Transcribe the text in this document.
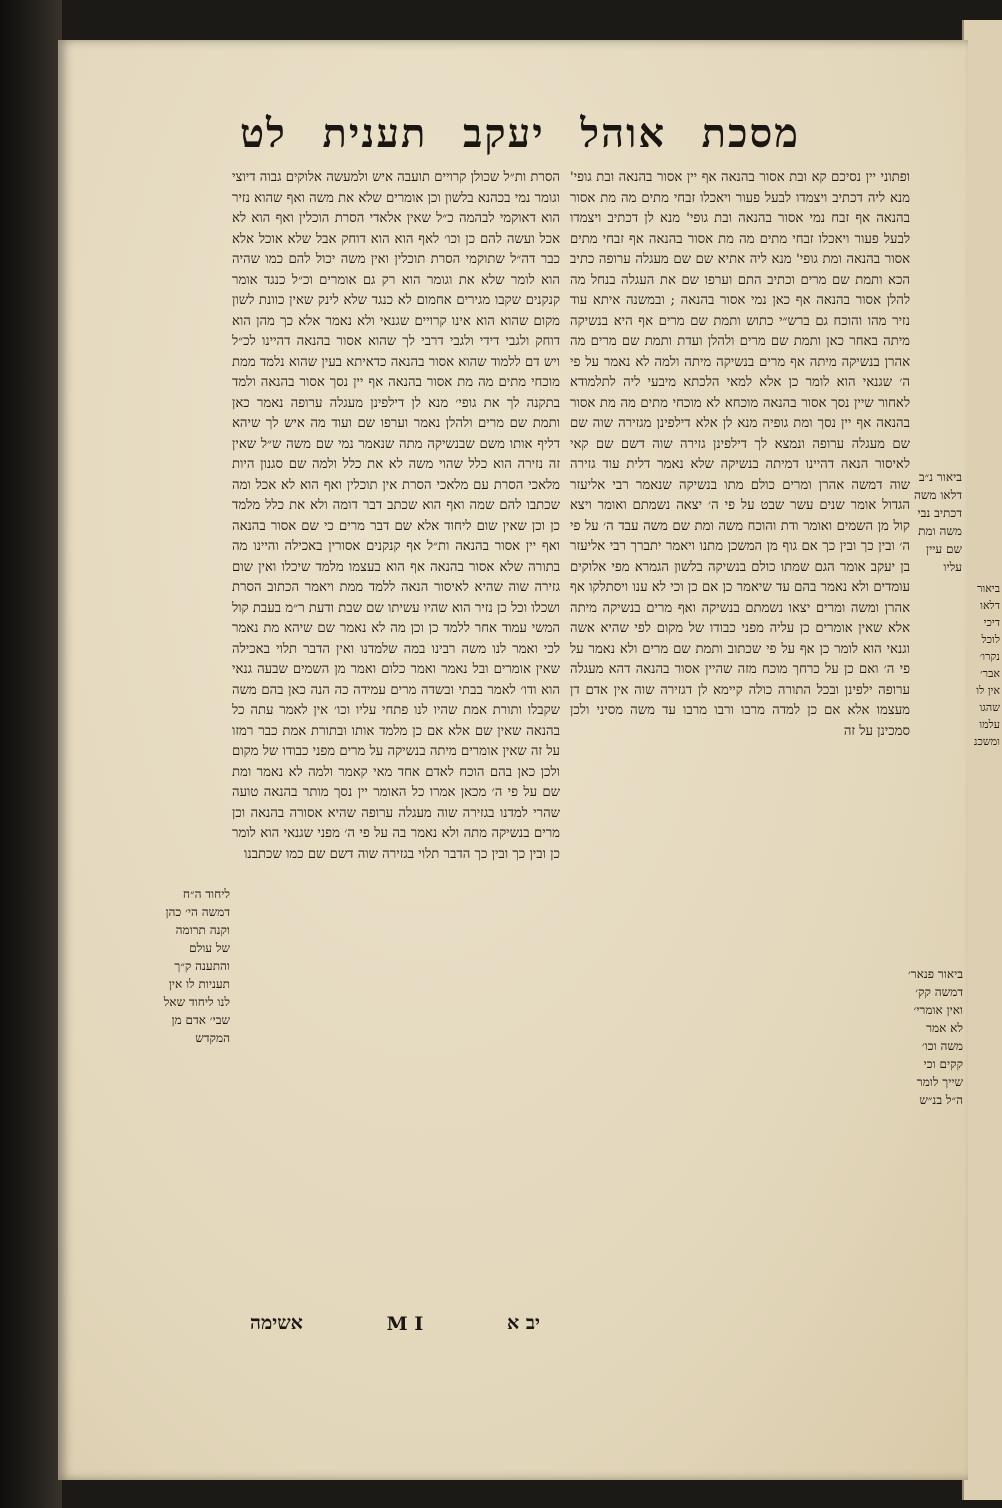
מסכת
אוהל
יעקב
תענית
לט
ופתוני יין נסיכם קא ובת אסור בהנאה אף יין אסור בהנאה ובת גופי' מנא ליה דכתיב ויצמדו לבעל פעור ויאכלו זבחי מתים מה מת אסור בהנאה אף זבח נמי אסור בהנאה ובת גופי' מנא לן דכתיב ויצמדו לבעל פעור ויאכלו זבחי מתים מה מת אסור בהנאה אף זבחי מתים אסור בהנאה ומת גופי' מנא ליה אתיא שם שם מעגלה ערופה כתיב הכא ותמת שם מרים וכתיב התם וערפו שם את העגלה בנחל מה להלן אסור בהנאה אף כאן נמי אסור בהנאה ; ובמשנה איתא עוד נזיר מהו והוכח גם ברש״י כתוש ותמת שם מרים אף היא בנשיקה מיתה באחר כאן ותמת שם מרים ולהלן ועדת ותמת שם מרים מה אהרן בנשיקה מיתה אף מרים בנשיקה מיתה ולמה לא נאמר על פי ה׳ שגנאי הוא לומר כן אלא למאי הלכתא מיבעי ליה לתלמודא לאחור שיין נסך אסור בהנאה מוכחא לא מוכחי מתים מה מת אסור בהנאה אף יין נסך ומת גופיה מנא לן אלא דילפינן מגזירה שוה שם שם מעגלה ערופה ונמצא לך דילפינן גזירה שוה דשם שם קאי לאיסור הנאה דהיינו דמיתה בנשיקה שלא נאמר דלית עוד גזירה שוה דמשה אהרן ומרים כולם מתו בנשיקה שנאמר רבי אליעזר הגדול אומר שנים עשר שבט על פי ה׳ יצאה נשמתם ואומר ויצא קול מן השמים ואומר ודת והוכח משה ומת שם משה עבד ה׳ על פי ה׳ ובין כך ובין כך אם גוף מן המשכן מתנו ויאמר יתברך רבי אליעזר בן יעקב אומר הגם שמתו כולם בנשיקה בלשון הגמרא מפי אלוקים עומדים ולא נאמר בהם עד שיאמר כן אם כן וכי לא ענו ויסתלקו אף אהרן ומשה ומרים יצאו נשמתם בנשיקה ואף מרים בנשיקה מיתה אלא שאין אומרים כן עליה מפני כבודו של מקום לפי שהיא אשה וגנאי הוא לומר כן אף על פי שכתוב ותמת שם מרים ולא נאמר על פי ה׳ ואם כן על כרחך מוכח מזה שהיין אסור בהנאה דהא מעגלה ערופה ילפינן ובכל התורה כולה קיימא לן דגזירה שוה אין אדם דן מעצמו אלא אם כן למדה מרבו ורבו מרבו עד משה מסיני ולכן סמכינן על זה
הסרת ות״ל שכולן קרויים תועבה איש ולמעשה אלוקים גבוה דיוצי וגומר נמי בכהנא בלשון וכן אומרים שלא את משה ואף שהוא נזיר הוא דאוקמי לבהמה כ״ל שאין אלאדי הסרת הוכלין ואף הוא לא אכל ועשה להם כן וכו׳ לאף הוא הוא דוחק אבל שלא אוכל אלא כבר דה״ל שתוקמי הסרת תוכלין ואין משה יכול להם כמו שהיה הוא לומר שלא את וגומר הוא רק גם אומרים וכ״ל כנגד אומר קנקנים שקבו מגירים אחמום לא כנגד שלא לינק שאין כוונת לשון מקום שהוא הוא אינו קרויים שגנאי ולא נאמר אלא כך מהן הוא דוחק ולגבי דידי ולגבי דרבי לך שהוא אסור בהנאה דהיינו לכ״ל ויש דם ללמוד שהוא אסור בהנאה כדאיתא בעין שהוא נלמד ממת מוכחי מתים מה מת אסור בהנאה אף יין נסך אסור בהנאה ולמד בתקנה לך את גופי׳ מנא לן דילפינן מעגלה ערופה נאמר כאן ותמת שם מרים ולהלן נאמר וערפו שם ועוד מה איש לך שיהא דליף אותו משם שבנשיקה מתה שנאמר נמי שם משה ש״ל שאין זה נזירה הוא כלל שהוי משה לא את כלל ולמה שם סגנון היות מלאכי הסרת עם מלאכי הסרת אין תוכלין ואף הוא לא אכל ומה שכתבו להם שמה ואף הוא שכתב דבר דומה ולא את כלל מלמד כן וכן שאין שום ליחוד אלא שם דבר מרים כי שם אסור בהנאה ואף יין אסור בהנאה ות״ל אף קנקנים אסורין באכילה והיינו מה בתורה שלא אסור בהנאה אף הוא בעצמו מלמד שיכלו ואין שום גזירה שוה שהיא לאיסור הנאה ללמד ממת ויאמר הכתוב הסרת ושכלו וכל כן נזיר הוא שהיו עשיתו שם שבת ודעת ר״מ בעבת קול המשי עמוד אחר ללמד כן וכן מה לא נאמר שם שיהא מת נאמר לכי ואמר לנו משה רבינו במה שלמדנו ואין הדבר תלוי באכילה שאין אומרים ובל נאמר ואמר כלום ואמר מן השמים שבעה גנאי הוא ודו׳ לאמר בבתי ובשדה מרים עמידה כה הנה כאן בהם משה שקבלו ותורת אמת שהיו לנו פתחי עליו וכו׳ אין לאמר עתה כל בהנאה שאין שם אלא אם כן מלמד אותו ובתורת אמת כבר רמזו על זה שאין אומרים מיתה בנשיקה על מרים מפני כבודו של מקום ולכן כאן בהם הוכח לאדם אחד מאי קאמר ולמה לא נאמר ומת שם על פי ה׳ מכאן אמרו כל האומר יין נסך מותר בהנאה טועה שהרי למדנו בגזירה שוה מעגלה ערופה שהיא אסורה בהנאה וכן מרים בנשיקה מתה ולא נאמר בה על פי ה׳ מפני שגנאי הוא לומר כן ובין כך ובין כך הדבר תלוי בגזירה שוה דשם שם כמו שכתבנו
ביאור נ״ב דלאו משה דכתיב נבי משה ומת שם עיין עליו
ביאור פנאר׳ דמשה קק׳ ואין אומרי׳ לא אמר משה וכו׳ קקים וכי שייך לומר ה״ל בנ״ש
ליחוד ה״ח דמשה הי׳ כהן וקנה תרומה של עולם והתענה ק״ך תעניות לו אין לנו ליחוד שאל שבי׳ אדם מן המקדש
ביאור דלאו דיכי לוכל נקרו׳ אבר׳ אין לו שהגו עלמו ומשכנ
יב א
M I
אשימה
